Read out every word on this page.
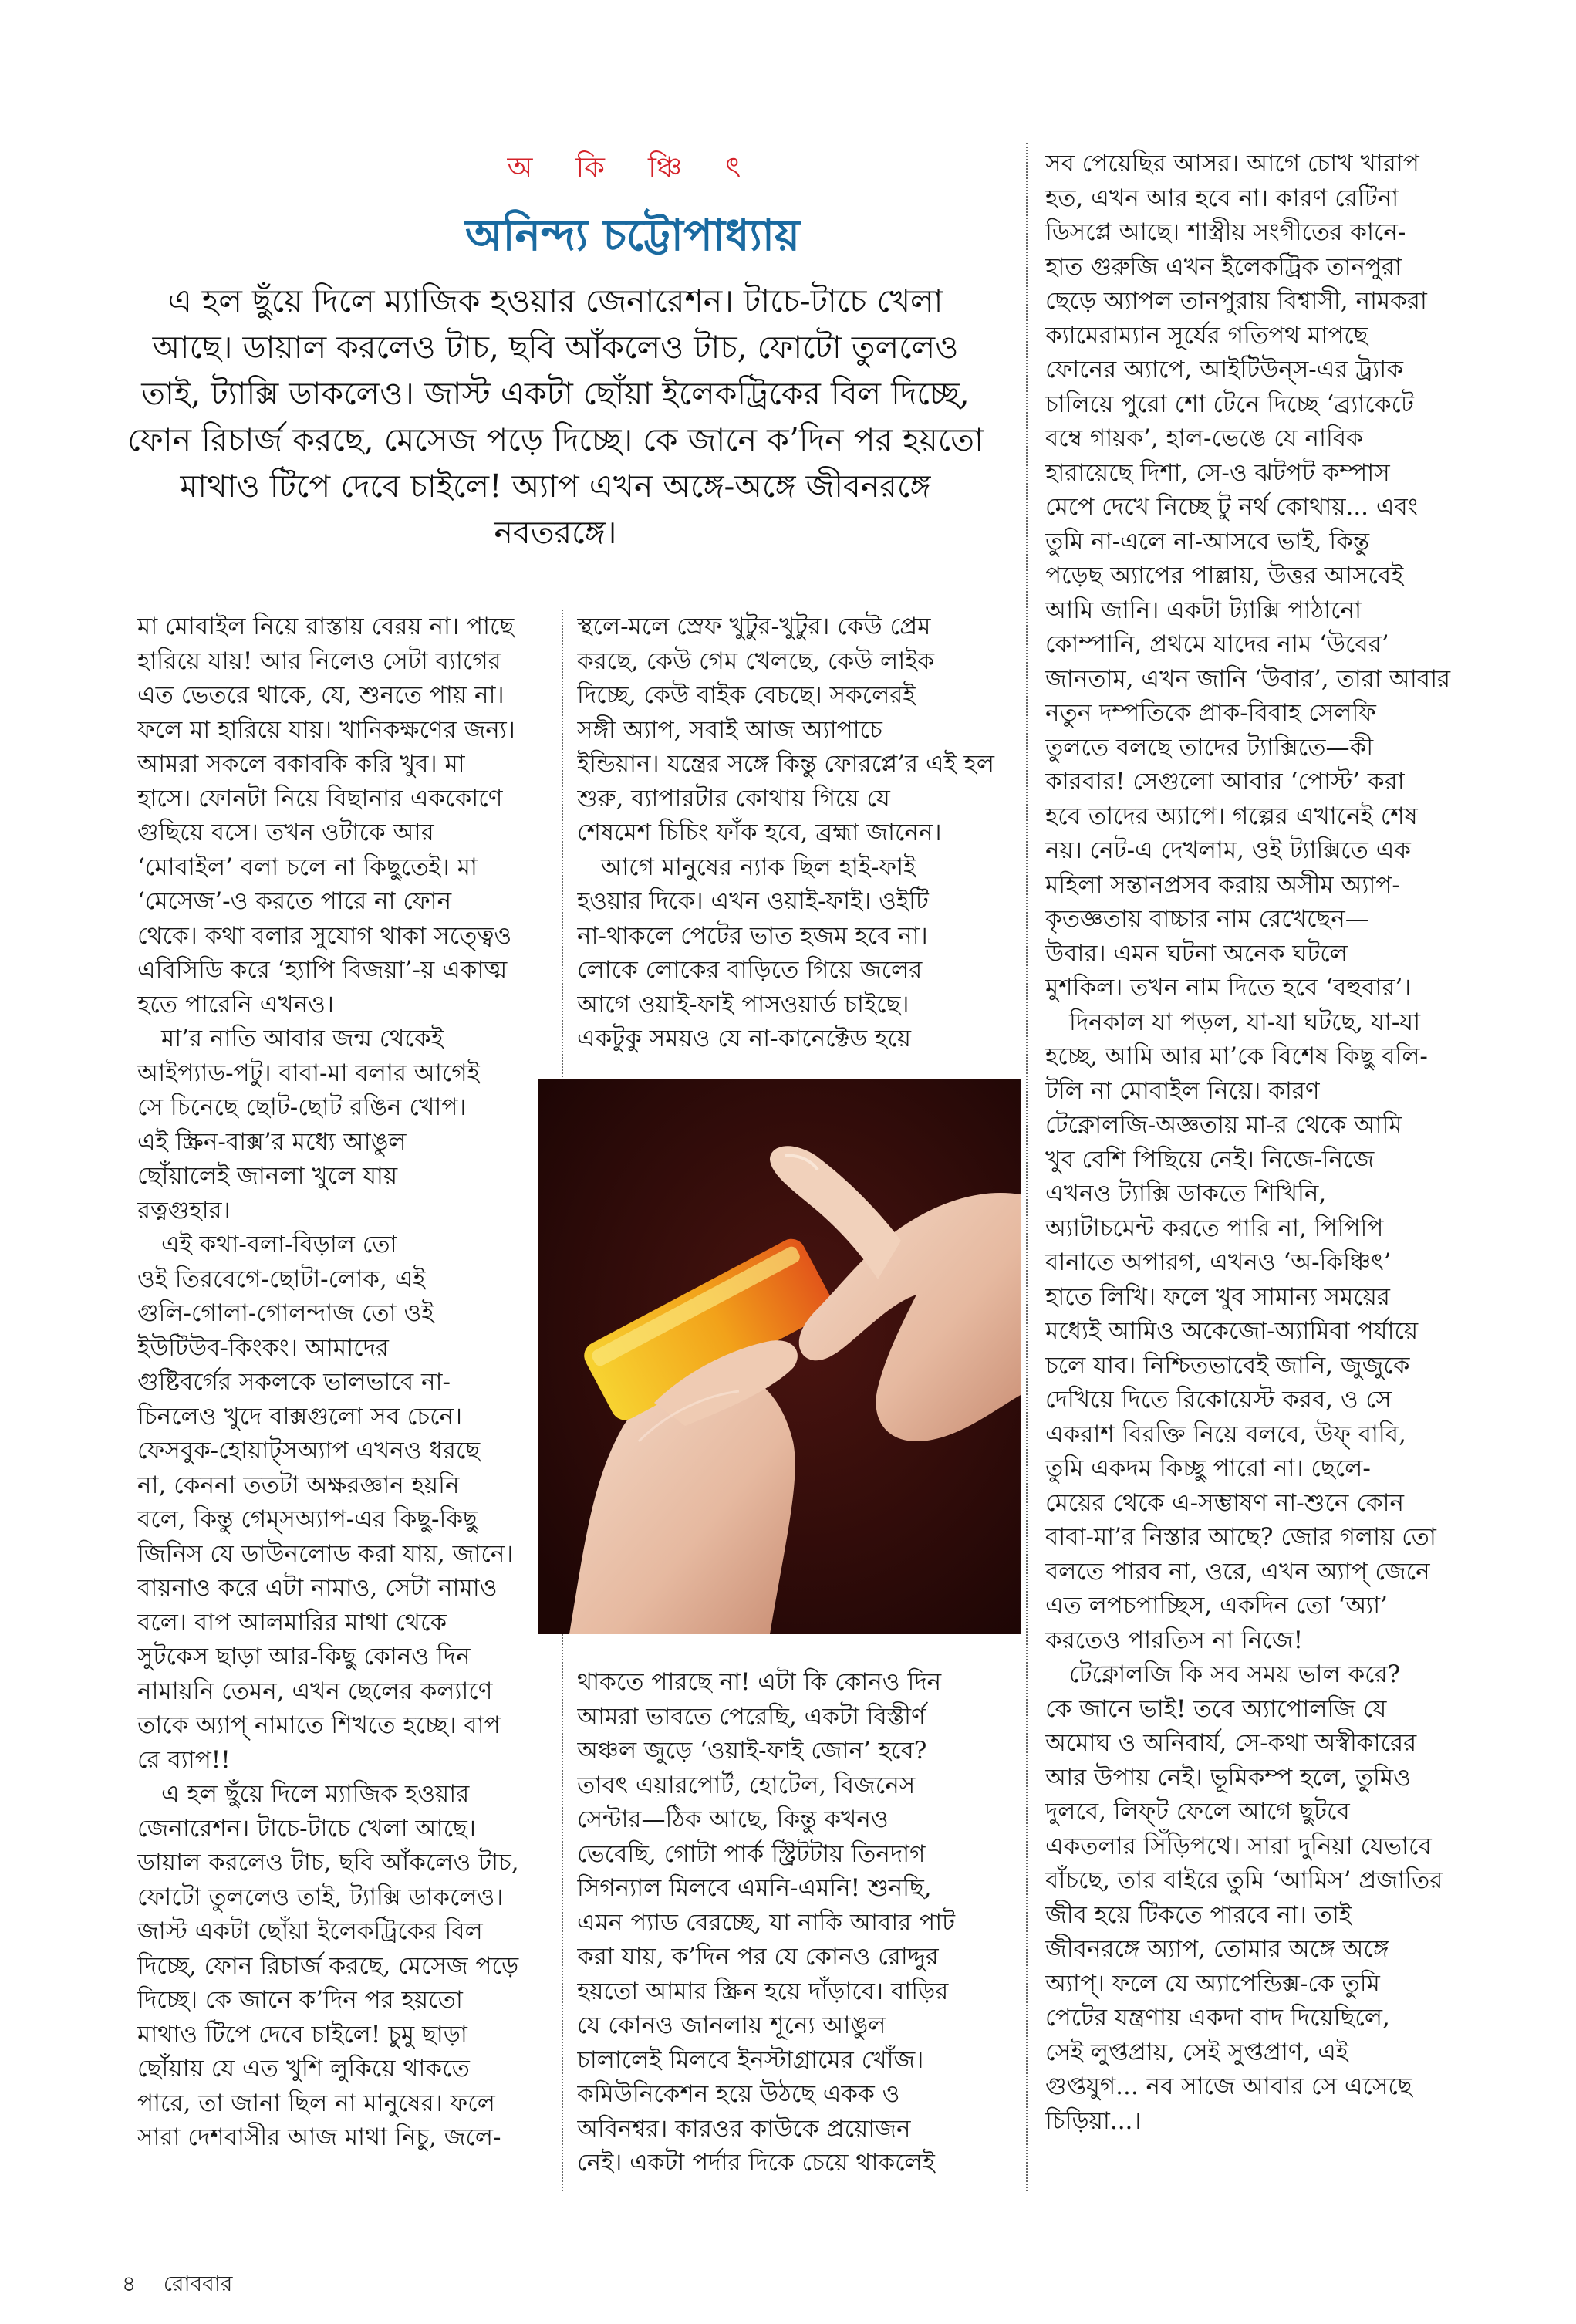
অ কি ঞ্চি ৎ
অনিন্দ্য চট্টোপাধ্যায়
এ হল ছুঁয়ে দিলে ম্যাজিক হওয়ার জেনারেশন। টাচে-টাচে খেলা আছে। ডায়াল করলেও টাচ, ছবি আঁকলেও টাচ, ফোটো তুললেও তাই, ট্যাক্সি ডাকলেও। জাস্ট একটা ছোঁয়া ইলেকট্রিকের বিল দিচ্ছে, ফোন রিচার্জ করছে, মেসেজ পড়ে দিচ্ছে। কে জানে ক’দিন পর হয়তো মাথাও টিপে দেবে চাইলে! অ্যাপ এখন অঙ্গে-অঙ্গে জীবনরঙ্গে নবতরঙ্গে।
মা মোবাইল নিয়ে রাস্তায় বেরয় না। পাছে
হারিয়ে যায়! আর নিলেও সেটা ব্যাগের
এত ভেতরে থাকে, যে, শুনতে পায় না।
ফলে মা হারিয়ে যায়। খানিকক্ষণের জন্য।
আমরা সকলে বকাবকি করি খুব। মা
হাসে। ফোনটা নিয়ে বিছানার এককোণে
গুছিয়ে বসে। তখন ওটাকে আর
‘মোবাইল’ বলা চলে না কিছুতেই। মা
‘মেসেজ’-ও করতে পারে না ফোন
থেকে। কথা বলার সুযোগ থাকা সত্ত্বেও
এবিসিডি করে ‘হ্যাপি বিজয়া’-য় একাত্ম
হতে পারেনি এখনও।
 মা’র নাতি আবার জন্ম থেকেই
আইপ্যাড-পটু। বাবা-মা বলার আগেই
সে চিনেছে ছোট-ছোট রঙিন খোপ।
এই স্ক্রিন-বাক্স’র মধ্যে আঙুল
ছোঁয়ালেই জানলা খুলে যায়
রত্নগুহার।
 এই কথা-বলা-বিড়াল তো
ওই তিরবেগে-ছোটা-লোক, এই
গুলি-গোলা-গোলন্দাজ তো ওই
ইউটিউব-কিংকং। আমাদের
গুষ্টিবর্গের সকলকে ভালভাবে না-
চিনলেও খুদে বাক্সগুলো সব চেনে।
ফেসবুক-হোয়াট্‌সঅ্যাপ এখনও ধরছে
না, কেননা ততটা অক্ষরজ্ঞান হয়নি
বলে, কিন্তু গেম্‌সঅ্যাপ-এর কিছু-কিছু
জিনিস যে ডাউনলোড করা যায়, জানে।
বায়নাও করে এটা নামাও, সেটা নামাও
বলে। বাপ আলমারির মাথা থেকে
সুটকেস ছাড়া আর-কিছু কোনও দিন
নামায়নি তেমন, এখন ছেলের কল্যাণে
তাকে অ্যাপ্‌ নামাতে শিখতে হচ্ছে। বাপ
রে ব্যাপ!!
 এ হল ছুঁয়ে দিলে ম্যাজিক হওয়ার
জেনারেশন। টাচে-টাচে খেলা আছে।
ডায়াল করলেও টাচ, ছবি আঁকলেও টাচ,
ফোটো তুললেও তাই, ট্যাক্সি ডাকলেও।
জাস্ট একটা ছোঁয়া ইলেকট্রিকের বিল
দিচ্ছে, ফোন রিচার্জ করছে, মেসেজ পড়ে
দিচ্ছে। কে জানে ক’দিন পর হয়তো
মাথাও টিপে দেবে চাইলে! চুমু ছাড়া
ছোঁয়ায় যে এত খুশি লুকিয়ে থাকতে
পারে, তা জানা ছিল না মানুষের। ফলে
সারা দেশবাসীর আজ মাথা নিচু, জলে-
স্থলে-মলে স্রেফ খুটুর-খুটুর। কেউ প্রেম
করছে, কেউ গেম খেলছে, কেউ লাইক
দিচ্ছে, কেউ বাইক বেচছে। সকলেরই
সঙ্গী অ্যাপ, সবাই আজ অ্যাপাচে
ইন্ডিয়ান। যন্ত্রের সঙ্গে কিন্তু ফোরপ্লে’র এই হল
শুরু, ব্যাপারটার কোথায় গিয়ে যে
শেষমেশ চিচিং ফাঁক হবে, ব্রহ্মা জানেন।
 আগে মানুষের ন্যাক ছিল হাই-ফাই
হওয়ার দিকে। এখন ওয়াই-ফাই। ওইটি
না-থাকলে পেটের ভাত হজম হবে না।
লোকে লোকের বাড়িতে গিয়ে জলের
আগে ওয়াই-ফাই পাসওয়ার্ড চাইছে।
একটুকু সময়ও যে না-কানেক্টেড হয়ে
থাকতে পারছে না! এটা কি কোনও দিন
আমরা ভাবতে পেরেছি, একটা বিস্তীর্ণ
অঞ্চল জুড়ে ‘ওয়াই-ফাই জোন’ হবে?
তাবৎ এয়ারপোর্ট, হোটেল, বিজনেস
সেন্টার—ঠিক আছে, কিন্তু কখনও
ভেবেছি, গোটা পার্ক স্ট্রিটটায় তিনদাগ
সিগন্যাল মিলবে এমনি-এমনি! শুনছি,
এমন প্যাড বেরচ্ছে, যা নাকি আবার পাট
করা যায়, ক’দিন পর যে কোনও রোদ্দুর
হয়তো আমার স্ক্রিন হয়ে দাঁড়াবে। বাড়ির
যে কোনও জানলায় শূন্যে আঙুল
চালালেই মিলবে ইনস্টাগ্রামের খোঁজ।
কমিউনিকেশন হয়ে উঠছে একক ও
অবিনশ্বর। কারওর কাউকে প্রয়োজন
নেই। একটা পর্দার দিকে চেয়ে থাকলেই
সব পেয়েছির আসর। আগে চোখ খারাপ
হত, এখন আর হবে না। কারণ রেটিনা
ডিসপ্লে আছে। শাস্ত্রীয় সংগীতের কানে-
হাত গুরুজি এখন ইলেকট্রিক তানপুরা
ছেড়ে অ্যাপল তানপুরায় বিশ্বাসী, নামকরা
ক্যামেরাম্যান সূর্যের গতিপথ মাপছে
ফোনের অ্যাপে, আইটিউন্‌স-এর ট্র্যাক
চালিয়ে পুরো শো টেনে দিচ্ছে ‘ব্র্যাকেটে
বম্বে গায়ক’, হাল-ভেঙে যে নাবিক
হারায়েছে দিশা, সে-ও ঝটপট কম্পাস
মেপে দেখে নিচ্ছে টু নর্থ কোথায়... এবং
তুমি না-এলে না-আসবে ভাই, কিন্তু
পড়েছ অ্যাপের পাল্লায়, উত্তর আসবেই
আমি জানি। একটা ট্যাক্সি পাঠানো
কোম্পানি, প্রথমে যাদের নাম ‘উবের’
জানতাম, এখন জানি ‘উবার’, তারা আবার
নতুন দম্পতিকে প্রাক-বিবাহ সেলফি
তুলতে বলছে তাদের ট্যাক্সিতে—কী
কারবার! সেগুলো আবার ‘পোস্ট’ করা
হবে তাদের অ্যাপে। গল্পের এখানেই শেষ
নয়। নেট-এ দেখলাম, ওই ট্যাক্সিতে এক
মহিলা সন্তানপ্রসব করায় অসীম অ্যাপ-
কৃতজ্ঞতায় বাচ্চার নাম রেখেছেন—
উবার। এমন ঘটনা অনেক ঘটলে
মুশকিল। তখন নাম দিতে হবে ‘বহুবার’।
 দিনকাল যা পড়ল, যা-যা ঘটছে, যা-যা
হচ্ছে, আমি আর মা’কে বিশেষ কিছু বলি-
টলি না মোবাইল নিয়ে। কারণ
টেক্নোলজি-অজ্ঞতায় মা-র থেকে আমি
খুব বেশি পিছিয়ে নেই। নিজে-নিজে
এখনও ট্যাক্সি ডাকতে শিখিনি,
অ্যাটাচমেন্ট করতে পারি না, পিপিপি
বানাতে অপারগ, এখনও ‘অ-কিঞ্চিৎ’
হাতে লিখি। ফলে খুব সামান্য সময়ের
মধ্যেই আমিও অকেজো-অ্যামিবা পর্যায়ে
চলে যাব। নিশ্চিতভাবেই জানি, জুজুকে
দেখিয়ে দিতে রিকোয়েস্ট করব, ও সে
একরাশ বিরক্তি নিয়ে বলবে, উফ্‌ বাবি,
তুমি একদম কিচ্ছু পারো না। ছেলে-
মেয়ের থেকে এ-সম্ভাষণ না-শুনে কোন
বাবা-মা’র নিস্তার আছে? জোর গলায় তো
বলতে পারব না, ওরে, এখন অ্যাপ্‌ জেনে
এত লপচপাচ্ছিস, একদিন তো ‘অ্যা’
করতেও পারতিস না নিজে!
 টেক্নোলজি কি সব সময় ভাল করে?
কে জানে ভাই! তবে অ্যাপোলজি যে
অমোঘ ও অনিবার্য, সে-কথা অস্বীকারের
আর উপায় নেই। ভূমিকম্প হলে, তুমিও
দুলবে, লিফ্‌ট ফেলে আগে ছুটবে
একতলার সিঁড়িপথে। সারা দুনিয়া যেভাবে
বাঁচছে, তার বাইরে তুমি ‘আমিস’ প্রজাতির
জীব হয়ে টিকতে পারবে না। তাই
জীবনরঙ্গে অ্যাপ, তোমার অঙ্গে অঙ্গে
অ্যাপ্‌। ফলে যে অ্যাপেন্ডিক্স-কে তুমি
পেটের যন্ত্রণায় একদা বাদ দিয়েছিলে,
সেই লুপ্তপ্রায়, সেই সুপ্তপ্রাণ, এই
গুপ্তযুগ... নব সাজে আবার সে এসেছে
চিড়িয়া...।
৪ রোববার
